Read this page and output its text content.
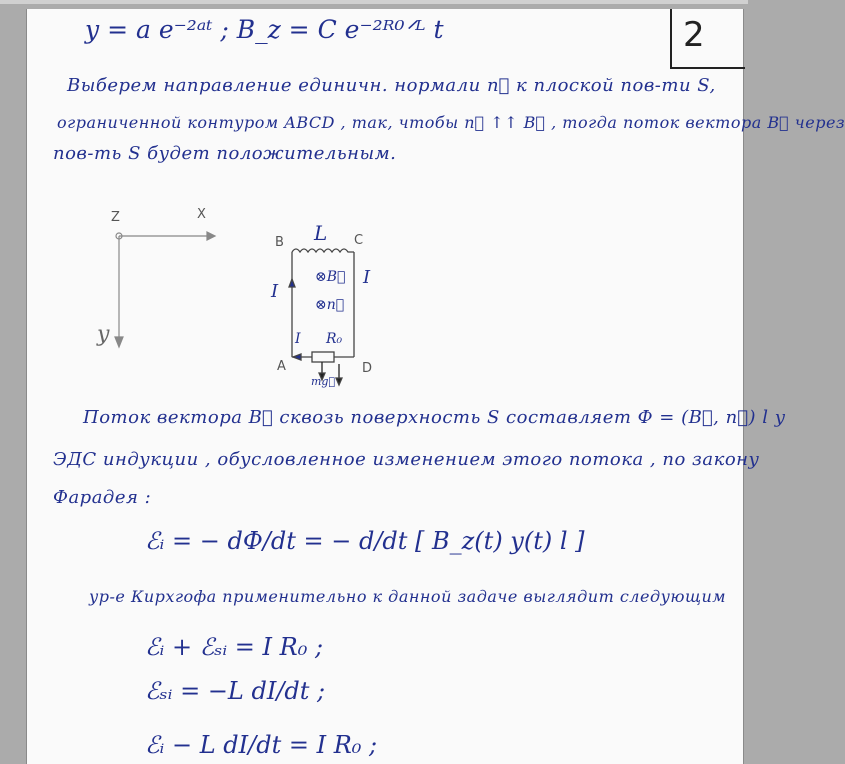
2
y = a e⁻²ᵃᵗ ; B_z = C e⁻²ᴿ⁰ᐟᴸ t
Выберем направление единичн. нормали n⃗ к плоской пов-ти S,
ограниченной контуром ABCD , так, чтобы n⃗ ↑↑ B⃗ , тогда поток вектора B⃗ через
пов-ть S будет положительным.
Z	X
y
B	C
A	D
L
R₀
I
I
I
⊗B⃗
⊗n⃗
mg⃗
Поток вектора B⃗ сквозь поверхность S составляет Ф = (B⃗, n⃗) l y
ЭДС индукции , обусловленное изменением этого потока , по закону
Фарадея :
ℰᵢ = − dФ/dt = − d/dt [ B_z(t) y(t) l ]
ур-е Кирхгофа применительно к данной задаче выглядит следующим
ℰᵢ + ℰₛᵢ = I R₀ ;
ℰₛᵢ = −L dI/dt ;
ℰᵢ − L dI/dt = I R₀ ;
